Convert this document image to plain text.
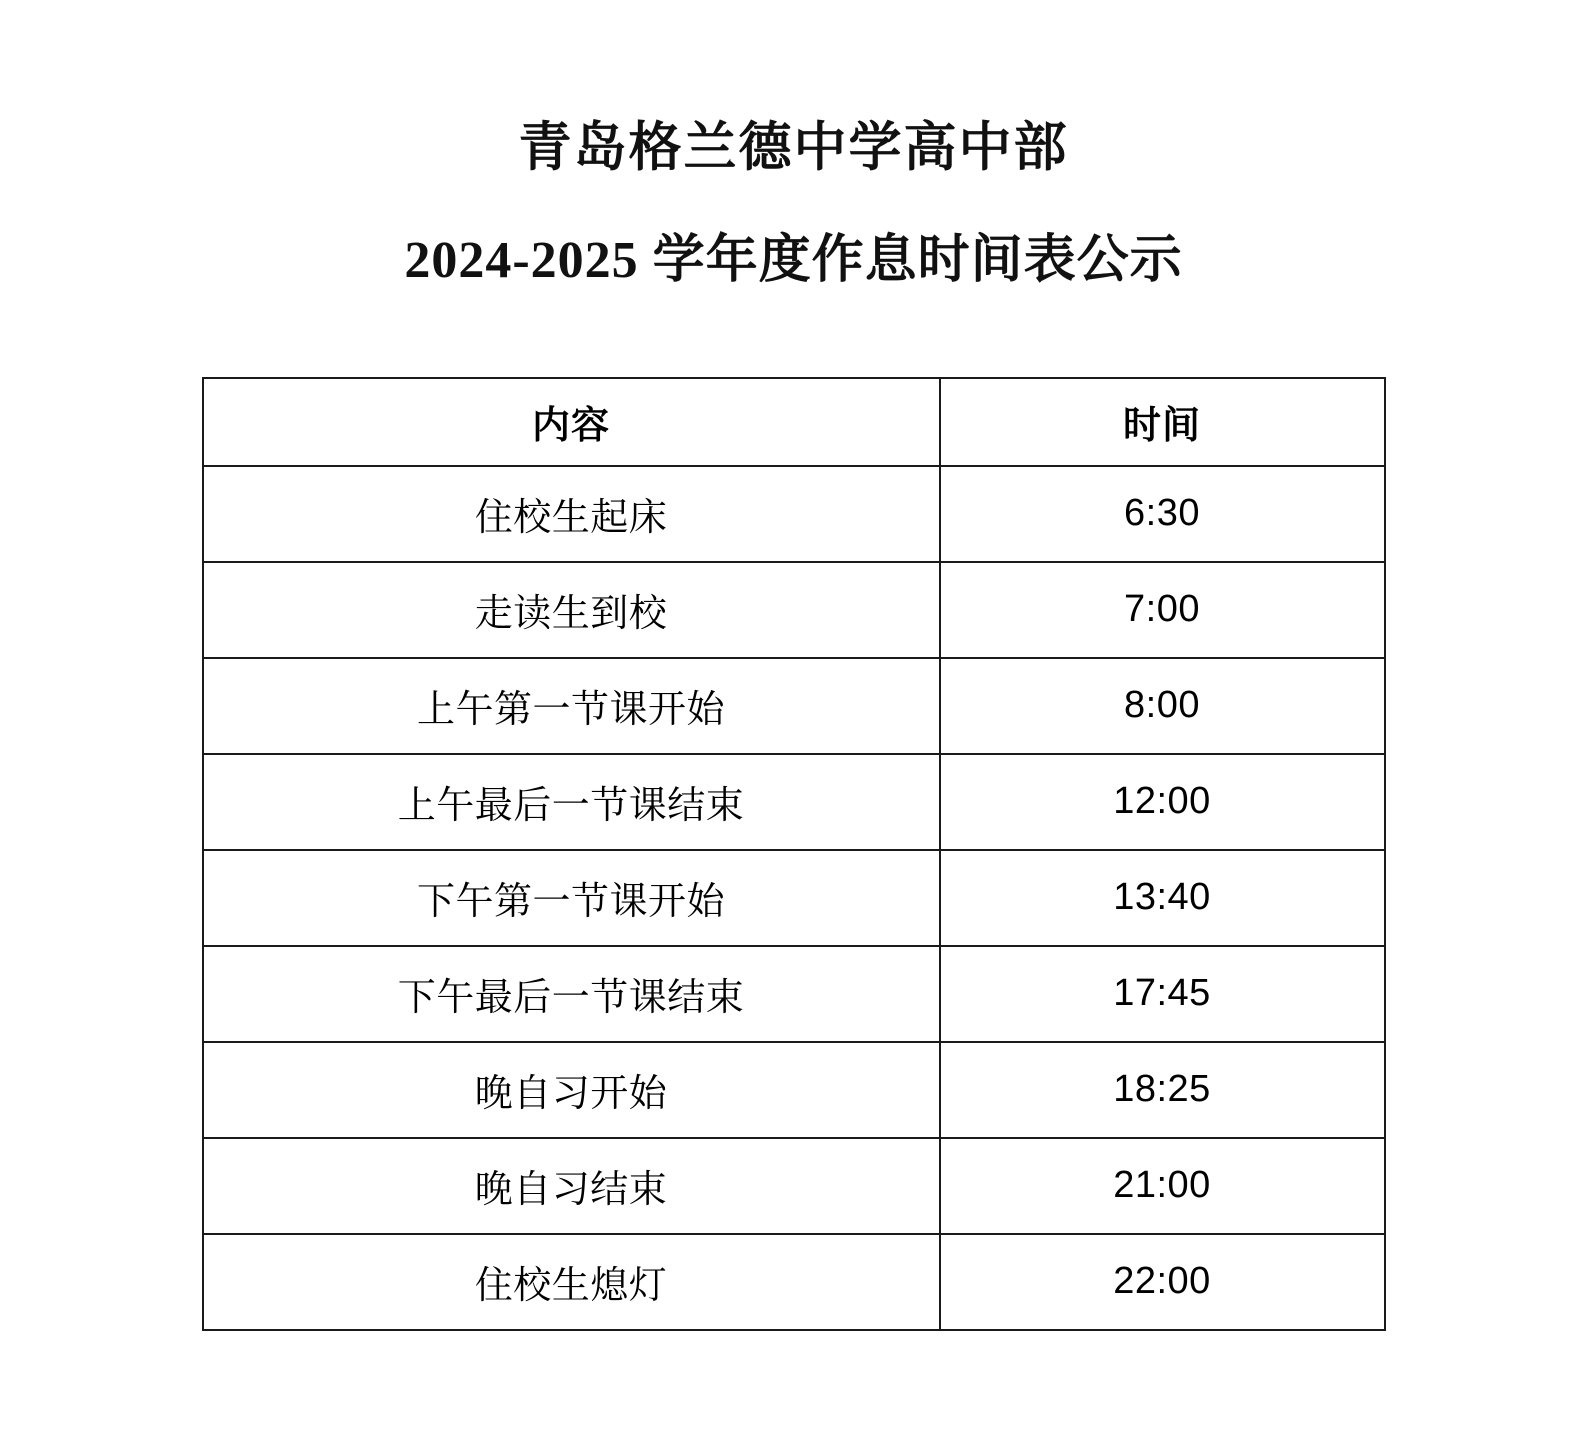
青岛格兰德中学高中部
2024-2025 学年度作息时间表公示
内容	时间
住校生起床	6:30
走读生到校	7:00
上午第一节课开始	8:00
上午最后一节课结束	12:00
下午第一节课开始	13:40
下午最后一节课结束	17:45
晚自习开始	18:25
晚自习结束	21:00
住校生熄灯	22:00
